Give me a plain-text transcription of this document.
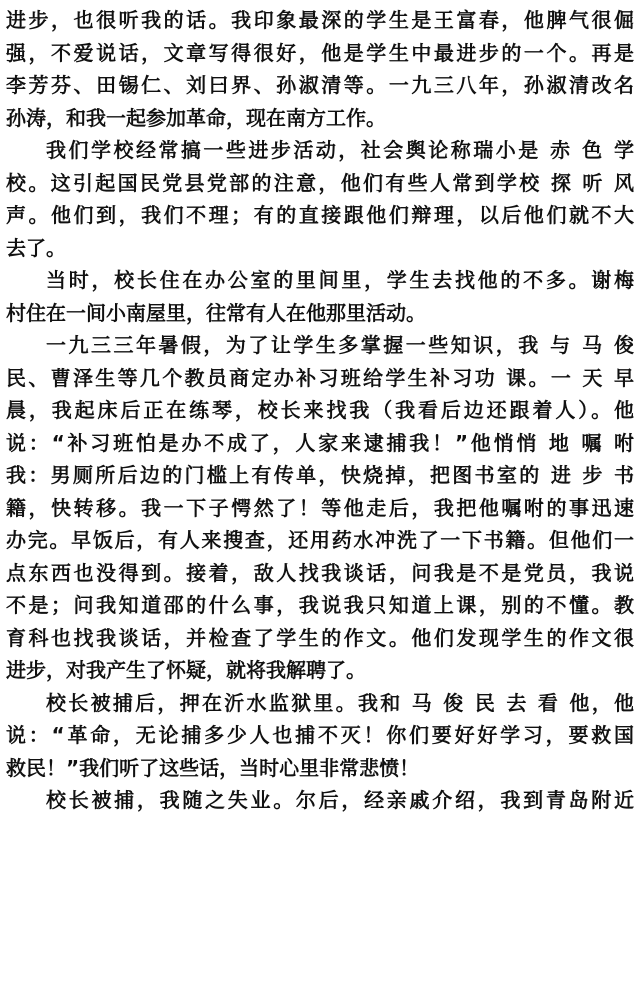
进步，也很听我的话。我印象最深的学生是王富春，他脾气很倔
强，不爱说话，文章写得很好，他是学生中最进步的一个。再是
李芳芬、田锡仁、刘曰界、孙淑清等。一九三八年，孙淑清改名
孙涛，和我一起参加革命，现在南方工作。
我们学校经常搞一些进步活动，社会舆论称瑞小是 赤 色 学
校。这引起国民党县党部的注意，他们有些人常到学校 探 听 风
声。他们到，我们不理；有的直接跟他们辩理，以后他们就不大
去了。
当时，校长住在办公室的里间里，学生去找他的不多。谢梅
村住在一间小南屋里，往常有人在他那里活动。
一九三三年暑假，为了让学生多掌握一些知识，我 与 马 俊
民、曹泽生等几个教员商定办补习班给学生补习功 课。一 天 早
晨，我起床后正在练琴，校长来找我（我看后边还跟着人）。他
说：“补习班怕是办不成了，人家来逮捕我！”他悄悄 地 嘱 咐
我：男厕所后边的门槛上有传单，快烧掉，把图书室的 进 步 书
籍，快转移。我一下子愕然了！等他走后，我把他嘱咐的事迅速
办完。早饭后，有人来搜查，还用药水冲洗了一下书籍。但他们一
点东西也没得到。接着，敌人找我谈话，问我是不是党员，我说
不是；问我知道邵的什么事，我说我只知道上课，别的不懂。教
育科也找我谈话，并检查了学生的作文。他们发现学生的作文很
进步，对我产生了怀疑，就将我解聘了。
校长被捕后，押在沂水监狱里。我和 马 俊 民 去 看 他，他
说：“革命，无论捕多少人也捕不灭！你们要好好学习，要救国
救民！”我们听了这些话，当时心里非常悲愤！
校长被捕，我随之失业。尔后，经亲戚介绍，我到青岛附近
